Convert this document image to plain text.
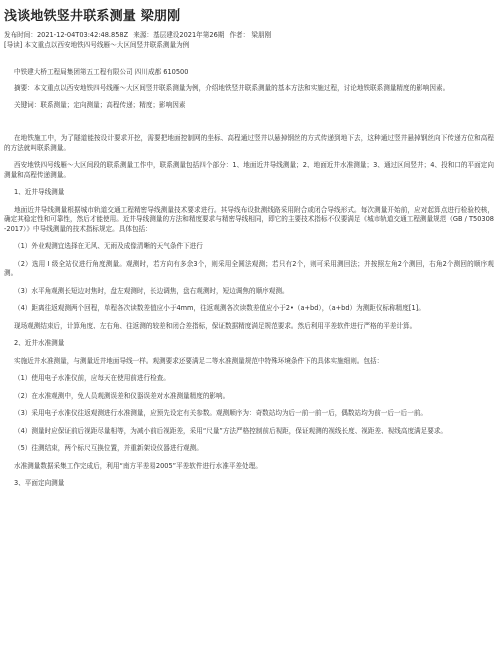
浅谈地铁竖井联系测量 梁朋刚
发布时间：2021-12-04T03:42:48.858Z 来源：基层建设2021年第26期 作者： 梁朋刚
[导读] 本文重点以西安地铁四号线雁～大区间竖井联系测量为例
中铁建大桥工程局集团第五工程有限公司 四川成都 610500

摘要：本文重点以西安地铁四号线雁～大区间竖井联系测量为例，介绍地铁竖井联系测量的基本方法和实施过程，讨论地铁联系测量精度的影响因素。

关键词：联系测量；定向测量；高程传递；精度；影响因素

在地铁施工中，为了隧道能按设计要求开挖，需要把地面控制网的坐标、高程通过竖井以悬掉钢丝的方式传递到地下去，这种通过竖井悬掉钢丝向下传递方位和高程的方法就叫联系测量。

西安地铁四号线雁～大区间段的联系测量工作中，联系测量包括四个部分：1、地面近井导线测量；2、地面近井水准测量；3、通过区间竖井；4、投和口的平面定向测量和高程传递测量。

1、近井导线测量

地面近井导线测量根据城市轨道交通工程精密导线测量技术要求进行。其导线布设批测线路采用附合或闭合导线形式。每次测量开始前，应对起算点进行检验校核，确定其稳定性和可靠性，然后才能使用。近井导线测量的方法和精度要求与精密导线相同，即它的主要技术指标不仅要满足《城市轨道交通工程测量规范（GB / T50308-2017）》中导线测量的技术指标规定。具体包括：

（1）外业观测宜选择在无风、无雨及成像清晰的天气条件下进行

（2）选用 I 级全站仪进行角度测量。观测时，若方向有多余3个，则采用全圆法观测；若只有2个，则可采用测回法；并按照左角2个测回，右角2个测回的顺序观测。

（3）水平角观测长短边对焦时，盘左观测时，长边调焦，盘右观测时，短边调焦的顺序观测。

（4）距离往返观测两个回程，单程各次读数差值应小于4mm，往返观测各次读数差值应小于2•（a+bd），（a+bd）为测距仪标称精度[1]。

现场观测结束后，计算角度、左右角、往返测的较差和闭合差指标，保证数据精度满足规范要求。然后利用平差软件进行严格的平差计算。

2、近井水准测量

实施近井水准测量，与测量近井地面导线一样。观测要求还要满足二等水准测量规范中特殊环境条件下的具体实施细则。包括：

（1）使用电子水准仪前，应每天在使用前进行检查。

（2）在水准观测中，免人员观测误差和仪器误差对水准测量精度的影响。

（3）采用电子水准仪往返观测进行水准测量，应预先设定有关参数。观测顺序为：奇数站均为后一前一前一后，偶数站均为前一后一后一前。

（4）测量时应保证前后视距尽量相等，为减小前后视距差，采用“尺量”方法严格控制前后视距，保证观测的视线长度、视距差、视线高度满足要求。

（5）往测结束，两个标尺互换位置，并重新架设仪器进行观测。

水准测量数据采集工作完成后，利用“南方平差易2005”平差软件进行水准平差处理。

3、平面定向测量
